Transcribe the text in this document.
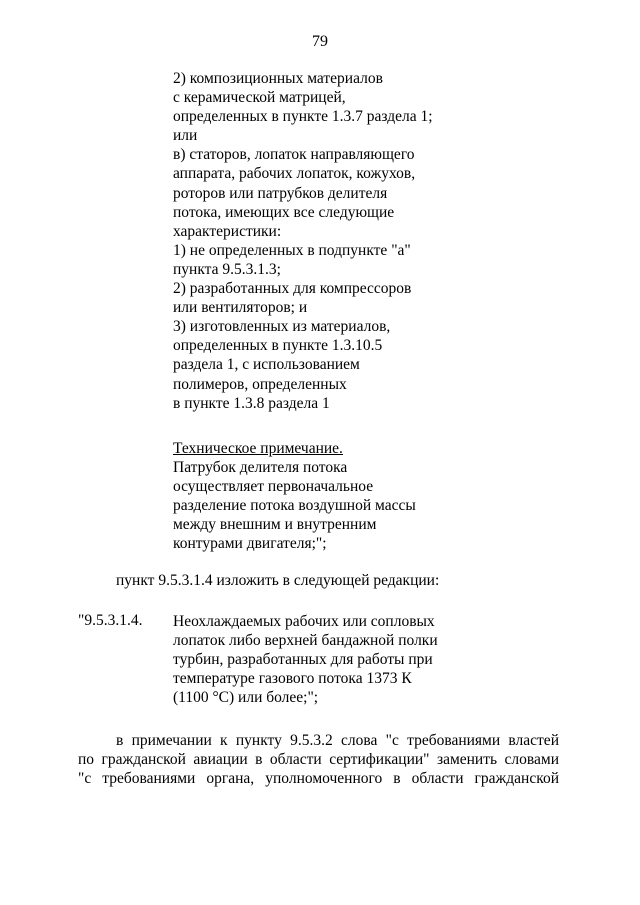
79
2) композиционных материалов
с керамической матрицей,
определенных в пункте 1.3.7 раздела 1;
или
в) статоров, лопаток направляющего
аппарата, рабочих лопаток, кожухов,
роторов или патрубков делителя
потока, имеющих все следующие
характеристики:
1) не определенных в подпункте "а"
пункта 9.5.3.1.3;
2) разработанных для компрессоров
или вентиляторов; и
3) изготовленных из материалов,
определенных в пункте 1.3.10.5
раздела 1, с использованием
полимеров, определенных
в пункте 1.3.8 раздела 1
Техническое примечание.
Патрубок делителя потока
осуществляет первоначальное
разделение потока воздушной массы
между внешним и внутренним
контурами двигателя;";
пункт 9.5.3.1.4 изложить в следующей редакции:
"9.5.3.1.4. Неохлаждаемых рабочих или сопловых
лопаток либо верхней бандажной полки
турбин, разработанных для работы при
температуре газового потока 1373 К
(1100 °C) или более;";
в примечании к пункту 9.5.3.2 слова "с требованиями властей
по гражданской авиации в области сертификации" заменить словами
"с требованиями органа, уполномоченного в области гражданской
